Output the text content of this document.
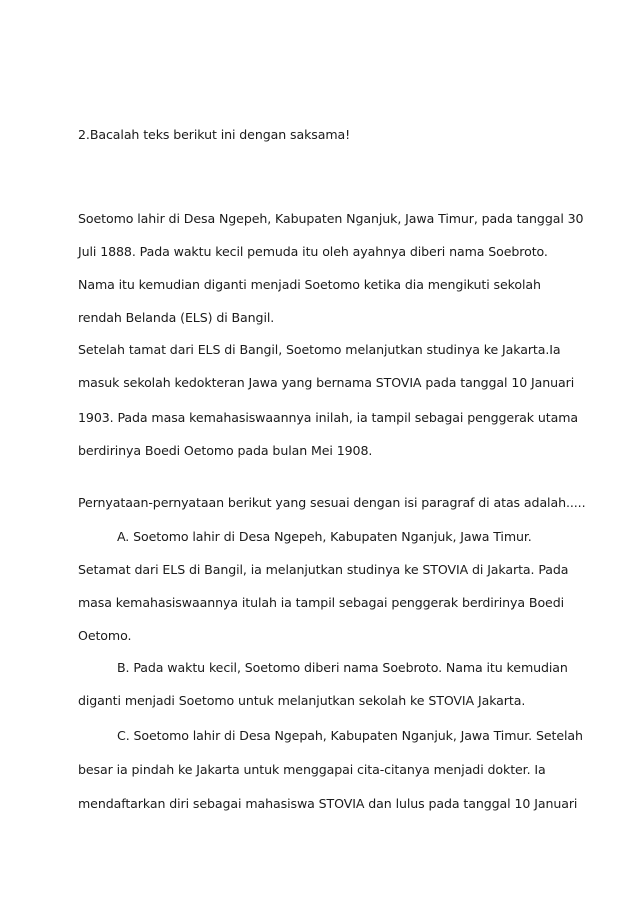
2.Bacalah teks berikut ini dengan saksama!
Soetomo lahir di Desa Ngepeh, Kabupaten Nganjuk, Jawa Timur, pada tanggal 30
Juli 1888. Pada waktu kecil pemuda itu oleh ayahnya diberi nama Soebroto.
Nama itu kemudian diganti menjadi Soetomo ketika dia mengikuti sekolah
rendah Belanda (ELS) di Bangil.
Setelah tamat dari ELS di Bangil, Soetomo melanjutkan studinya ke Jakarta.Ia
masuk sekolah kedokteran Jawa yang bernama STOVIA pada tanggal 10 Januari
1903. Pada masa kemahasiswaannya inilah, ia tampil sebagai penggerak utama
berdirinya Boedi Oetomo pada bulan Mei 1908.
Pernyataan-pernyataan berikut yang sesuai dengan isi paragraf di atas adalah.....
A. Soetomo lahir di Desa Ngepeh, Kabupaten Nganjuk, Jawa Timur.
Setamat dari ELS di Bangil, ia melanjutkan studinya ke STOVIA di Jakarta. Pada
masa kemahasiswaannya itulah ia tampil sebagai penggerak berdirinya Boedi
Oetomo.
B. Pada waktu kecil, Soetomo diberi nama Soebroto. Nama itu kemudian
diganti menjadi Soetomo untuk melanjutkan sekolah ke STOVIA Jakarta.
C. Soetomo lahir di Desa Ngepah, Kabupaten Nganjuk, Jawa Timur. Setelah
besar ia pindah ke Jakarta untuk menggapai cita-citanya menjadi dokter. Ia
mendaftarkan diri sebagai mahasiswa STOVIA dan lulus pada tanggal 10 Januari
